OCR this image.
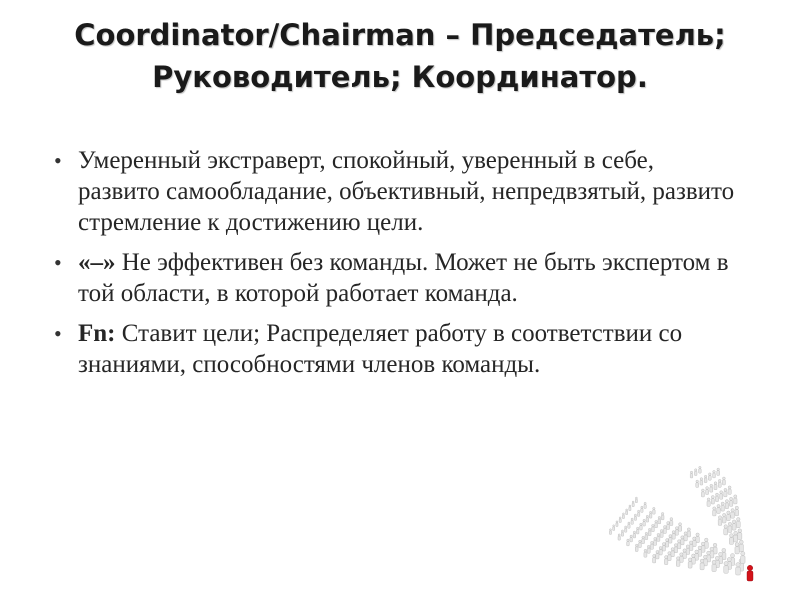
Coordinator/Chairman – Председатель;
Руководитель; Координатор.
• Умеренный экстраверт, спокойный, уверенный в себе, развито самообладание, объективный, непредвзятый, развито стремление к достижению цели.
• «–» Не эффективен без команды. Может не быть экспертом в той области, в которой работает команда.
• Fn: Ставит цели; Распределяет работу в соответствии со знаниями, способностями членов команды.
